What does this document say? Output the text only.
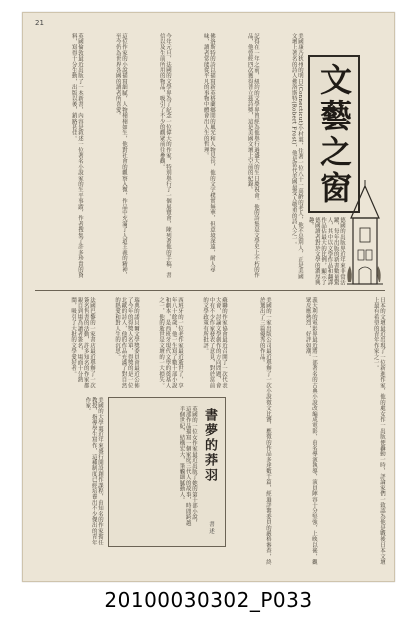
21
美國康乃狄州的明日(Connecticut)小村裏，住著一位八十一高齡的老人，他不是別人，正是美國文壇上著名的詩人佛洛斯特(Robert Frost)，他是當代美國最受人敬重的詩人之一。
記得在一年之前，紐約的文學界曾經為他舉行過盛大的生日慶祝會。他的詩集是文學史上不朽的作品，他曾經四次獲得普立茲詩獎，這是美國文壇上空前的紀錄。
佛洛斯特的詩以描寫新英格蘭鄉間的風光和人物見長，他的文字樸實無華，但意境深遠，耐人尋味，讀者常能從平凡的事物中體會出人生的哲理。
今年元旦，法國的文學界為了紀念一位偉大的作家，特別舉行了一個展覽會，陳列著他的手稿、書信以及生前所用的物品，吸引了不少的觀眾前往參觀。
這位作家的小說描寫細膩，人物栩栩如生，他對社會的觀察入微，作品中充滿了人道主義的精神，至今仍為世界各國的讀者所喜愛。
英國倫敦最近出版了一本新書，內容是敘述一位著名小說家的生平事蹟，作者搜集了許多珍貴的資料，寫得十分生動，出版以後，銷路甚佳。	文藝之窗
德國的出版界近年來非常活躍，每年出版的新書數量驚人，其中以文學作品和翻譯作品佔最大的比例，顯示了德國讀者對於文學的濃厚興趣。
日本的文壇最近出現了一位新進作家，他的處女作一出版便轟動一時，評論家們一致認為他是戰後日本文壇上最有希望的青年作家之一。
義大利的電影界最近將一部著名的古典小說改編成電影，由名導演執導，演員陣容十分堅強，上映以後，觀眾反應熱烈，好評如潮。
美國的一家出版公司最近舉辦了一次小說徵文比賽，應徵的作品多達數千篇，經過評審委員的嚴格審查，終於選出了三篇優秀的作品。
蘇聯的作家協會最近召開了一次代表大會，討論文學創作的方向問題，會中有不少作家發表了意見，對於當前的文學政策有所批評。
西班牙的一位老作家最近逝世了，享年八十餘歲，他一生寫了數十部小說和劇本，是西班牙現代文學的奠基人之一，他的逝世是文壇的一大損失。
瑞典的諾貝爾文學獎委員會最近公佈了今年的得獎人名單，得獎的是一位北歐的詩人，他的作品充滿了對自然的熱愛和對人生的沉思。
法國巴黎的一家書店最近舉辦了一次簽名售書的活動，許多知名的作家都親自到場為讀者簽名，場面十分熱鬧，吸引了大批的文學愛好者。
書夢的莽羽
英國的一位女作家最近出版了她的第十部小說，這部作品描寫一個家庭三代人的故事，時間跨越半個世紀，結構宏大，筆觸細膩動人。
書 述
美國的大學裏近年來盛行開設創作課程，由知名的作家擔任教授，指導學生寫作，這種制度已經培養出不少傑出的青年作家。
20100030302_P033
